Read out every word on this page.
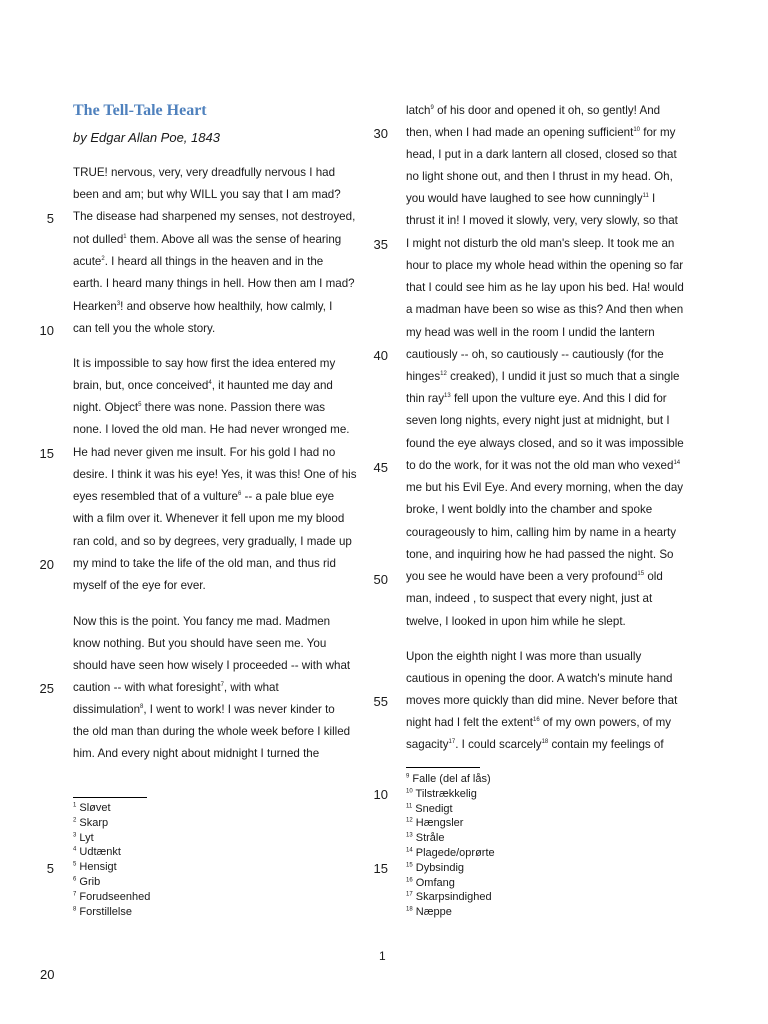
The Tell-Tale Heart
by Edgar Allan Poe, 1843
TRUE! nervous, very, very dreadfully nervous I had
been and am; but why WILL you say that I am mad?
The disease had sharpened my senses, not destroyed,
not dulled$^1$ them. Above all was the sense of hearing
acute$^2$. I heard all things in the heaven and in the
earth. I heard many things in hell. How then am I mad?
Hearken$^3$! and observe how healthily, how calmly, I
can tell you the whole story.
It is impossible to say how first the idea entered my
brain, but, once conceived$^4$, it haunted me day and
night. Object$^5$ there was none. Passion there was
none. I loved the old man. He had never wronged me.
He had never given me insult. For his gold I had no
desire. I think it was his eye! Yes, it was this! One of his
eyes resembled that of a vulture$^6$ -- a pale blue eye
with a film over it. Whenever it fell upon me my blood
ran cold, and so by degrees, very gradually, I made up
my mind to take the life of the old man, and thus rid
myself of the eye for ever.
Now this is the point. You fancy me mad. Madmen
know nothing. But you should have seen me. You
should have seen how wisely I proceeded -- with what
caution -- with what foresight$^7$, with what
dissimulation$^8$, I went to work! I was never kinder to
the old man than during the whole week before I killed
him. And every night about midnight I turned the
latch$^9$ of his door and opened it oh, so gently! And
then, when I had made an opening sufficient$^{10}$ for my
head, I put in a dark lantern all closed, closed so that
no light shone out, and then I thrust in my head. Oh,
you would have laughed to see how cunningly$^{11}$ I
thrust it in! I moved it slowly, very, very slowly, so that
I might not disturb the old man's sleep. It took me an
hour to place my whole head within the opening so far
that I could see him as he lay upon his bed. Ha! would
a madman have been so wise as this? And then when
my head was well in the room I undid the lantern
cautiously -- oh, so cautiously -- cautiously (for the
hinges$^{12}$ creaked), I undid it just so much that a single
thin ray$^{13}$ fell upon the vulture eye. And this I did for
seven long nights, every night just at midnight, but I
found the eye always closed, and so it was impossible
to do the work, for it was not the old man who vexed$^{14}$
me but his Evil Eye. And every morning, when the day
broke, I went boldly into the chamber and spoke
courageously to him, calling him by name in a hearty
tone, and inquiring how he had passed the night. So
you see he would have been a very profound$^{15}$ old
man, indeed , to suspect that every night, just at
twelve, I looked in upon him while he slept.
Upon the eighth night I was more than usually
cautious in opening the door. A watch's minute hand
moves more quickly than did mine. Never before that
night had I felt the extent$^{16}$ of my own powers, of my
sagacity$^{17}$. I could scarcely$^{18}$ contain my feelings of
$^1$ Sløvet
$^2$ Skarp
$^3$ Lyt
$^4$ Udtænkt
$^5$ Hensigt
$^6$ Grib
$^7$ Forudseenhed
$^8$ Forstillelse
$^9$ Falle (del af lås)
$^{10}$ Tilstrækkelig
$^{11}$ Snedigt
$^{12}$ Hængsler
$^{13}$ Stråle
$^{14}$ Plagede/oprørte
$^{15}$ Dybsindig
$^{16}$ Omfang
$^{17}$ Skarpsindighed
$^{18}$ Næppe
5
10
15
20
25
30
35
40
45
50
55
5
10
15
1
20
